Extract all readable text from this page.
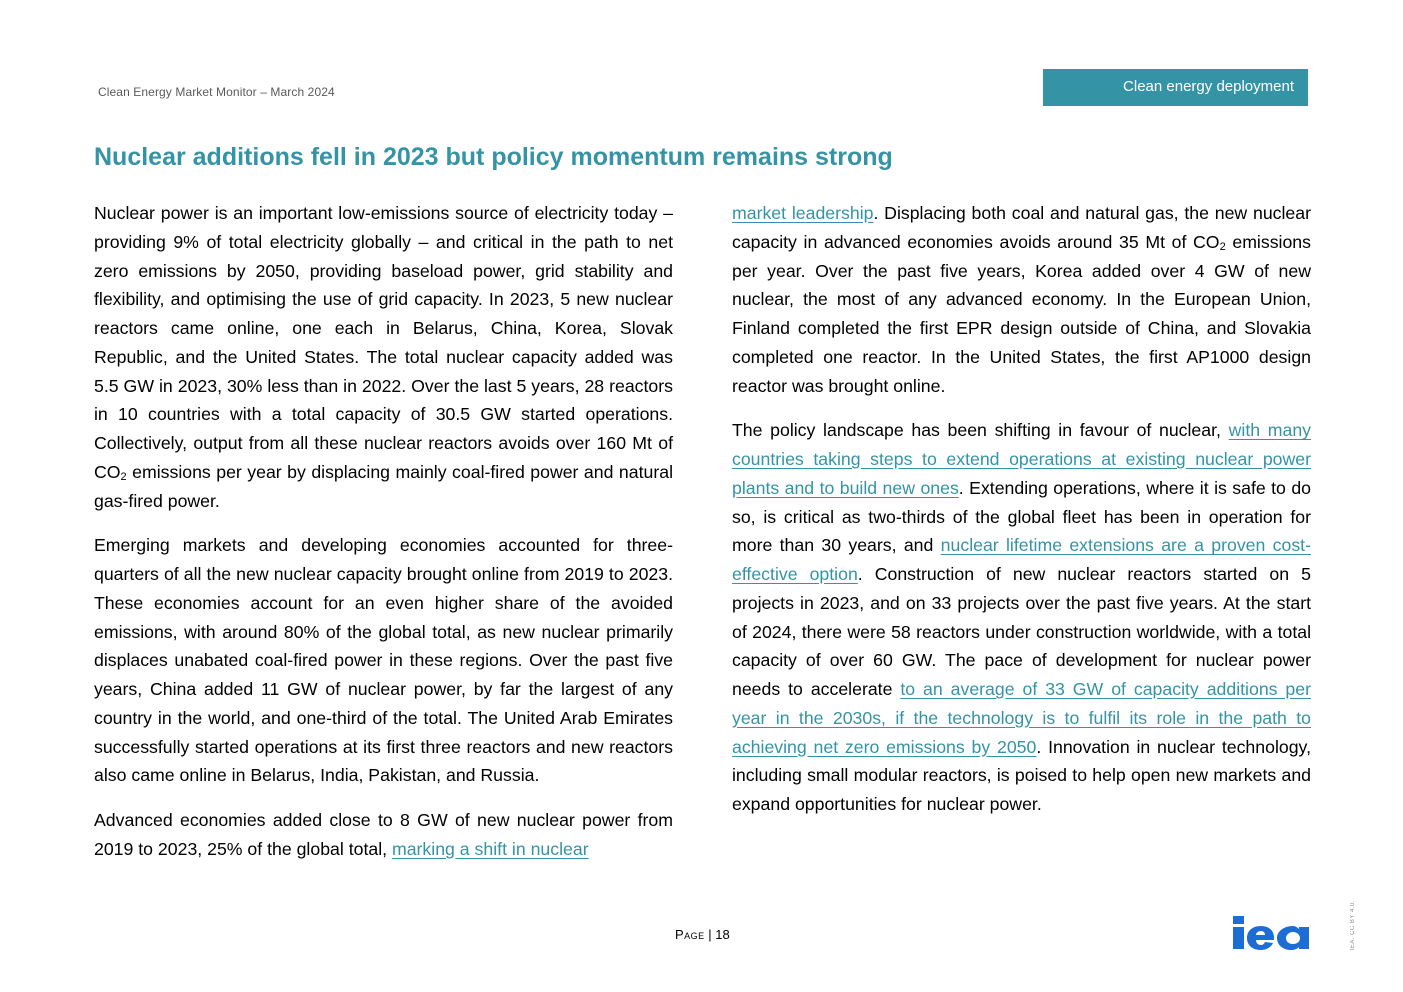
Clean Energy Market Monitor – March 2024	Clean energy deployment
Nuclear additions fell in 2023 but policy momentum remains strong

Nuclear power is an important low-emissions source of electricity today – providing 9% of total electricity globally – and critical in the path to net zero emissions by 2050, providing baseload power, grid stability and flexibility, and optimising the use of grid capacity. In 2023, 5 new nuclear reactors came online, one each in Belarus, China, Korea, Slovak Republic, and the United States. The total nuclear capacity added was 5.5 GW in 2023, 30% less than in 2022. Over the last 5 years, 28 reactors in 10 countries with a total capacity of 30.5 GW started operations. Collectively, output from all these nuclear reactors avoids over 160 Mt of $CO_2$ emissions per year by displacing mainly coal-fired power and natural gas-fired power.

Emerging markets and developing economies accounted for three-quarters of all the new nuclear capacity brought online from 2019 to 2023. These economies account for an even higher share of the avoided emissions, with around 80% of the global total, as new nuclear primarily displaces unabated coal-fired power in these regions. Over the past five years, China added 11 GW of nuclear power, by far the largest of any country in the world, and one-third of the total. The United Arab Emirates successfully started operations at its first three reactors and new reactors also came online in Belarus, India, Pakistan, and Russia.

Advanced economies added close to 8 GW of new nuclear power from 2019 to 2023, 25% of the global total, marking a shift in nuclear

market leadership. Displacing both coal and natural gas, the new nuclear capacity in advanced economies avoids around 35 Mt of $CO_2$ emissions per year. Over the past five years, Korea added over 4 GW of new nuclear, the most of any advanced economy. In the European Union, Finland completed the first EPR design outside of China, and Slovakia completed one reactor. In the United States, the first AP1000 design reactor was brought online.

The policy landscape has been shifting in favour of nuclear, with many countries taking steps to extend operations at existing nuclear power plants and to build new ones. Extending operations, where it is safe to do so, is critical as two-thirds of the global fleet has been in operation for more than 30 years, and nuclear lifetime extensions are a proven cost-effective option. Construction of new nuclear reactors started on 5 projects in 2023, and on 33 projects over the past five years. At the start of 2024, there were 58 reactors under construction worldwide, with a total capacity of over 60 GW. The pace of development for nuclear power needs to accelerate to an average of 33 GW of capacity additions per year in the 2030s, if the technology is to fulfil its role in the path to achieving net zero emissions by 2050. Innovation in nuclear technology, including small modular reactors, is poised to help open new markets and expand opportunities for nuclear power.

Page | 18	IEA. CC BY 4.0.
